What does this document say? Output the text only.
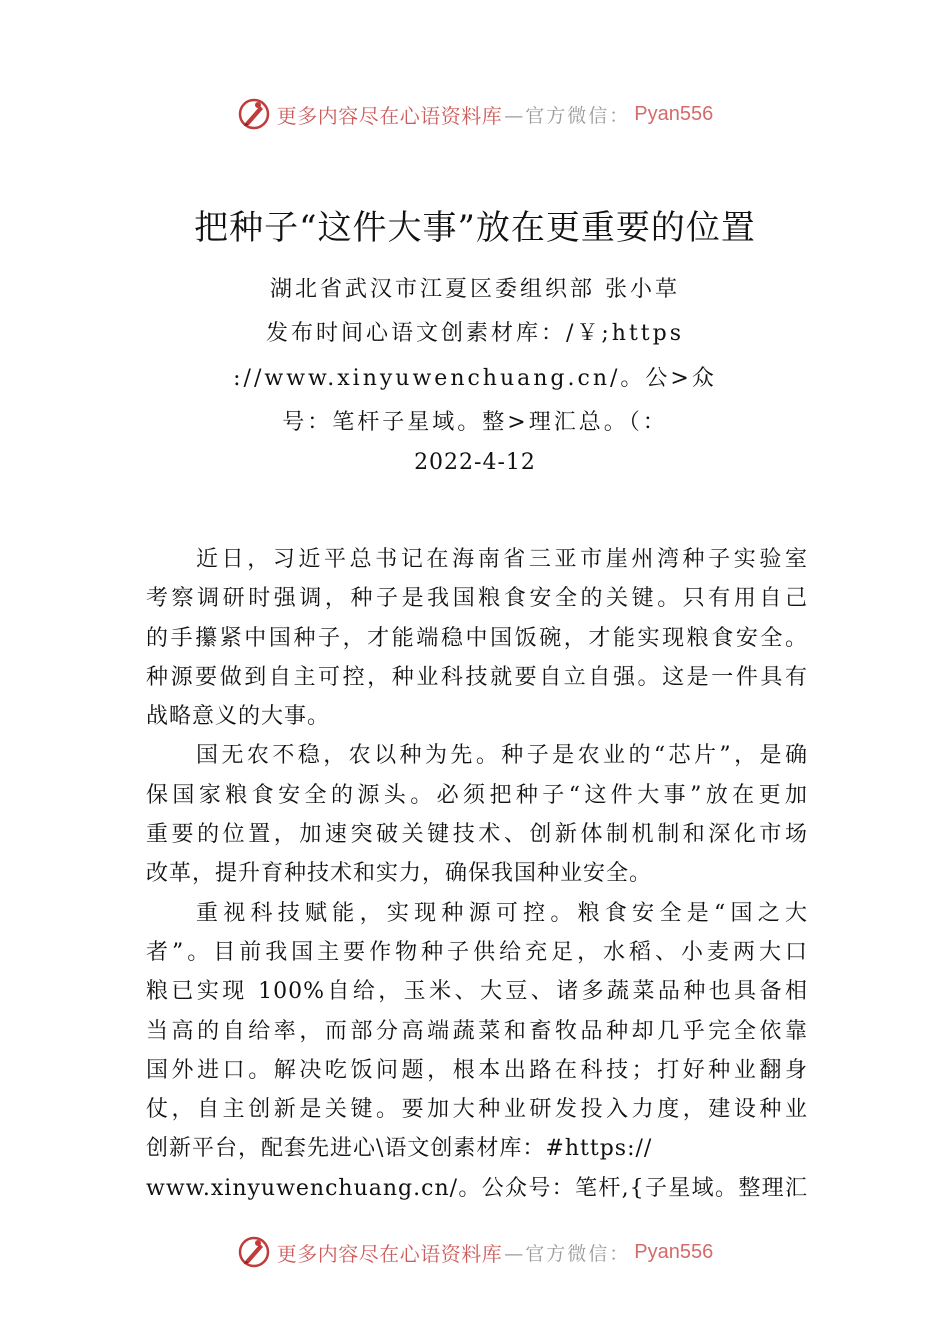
更多内容尽在心语资料库 —官方微信： Pyan556
把种子“这件大事”放在更重要的位置
湖北省武汉市江夏区委组织部 张小草
发布时间心语文创素材库：/￥;https
://www.xinyuwenchuang.cn/。公>众
号：笔杆子星域。整>理汇总。（：
2022-4-12
近日，习近平总书记在海南省三亚市崖州湾种子实验室
考察调研时强调，种子是我国粮食安全的关键。只有用自己
的手攥紧中国种子，才能端稳中国饭碗，才能实现粮食安全。
种源要做到自主可控，种业科技就要自立自强。这是一件具有
战略意义的大事。
国无农不稳，农以种为先。种子是农业的“芯片”，是确
保国家粮食安全的源头。必须把种子“这件大事”放在更加
重要的位置，加速突破关键技术、创新体制机制和深化市场
改革，提升育种技术和实力，确保我国种业安全。
重视科技赋能，实现种源可控。粮食安全是“国之大
者”。目前我国主要作物种子供给充足，水稻、小麦两大口
粮已实现 100%自给，玉米、大豆、诸多蔬菜品种也具备相
当高的自给率，而部分高端蔬菜和畜牧品种却几乎完全依靠
国外进口。解决吃饭问题，根本出路在科技；打好种业翻身
仗，自主创新是关键。要加大种业研发投入力度，建设种业
创新平台，配套先进心\语文创素材库：#https://
www.xinyuwenchuang.cn/。公众号：笔杆,{子星域。整理汇
更多内容尽在心语资料库 —官方微信： Pyan556
